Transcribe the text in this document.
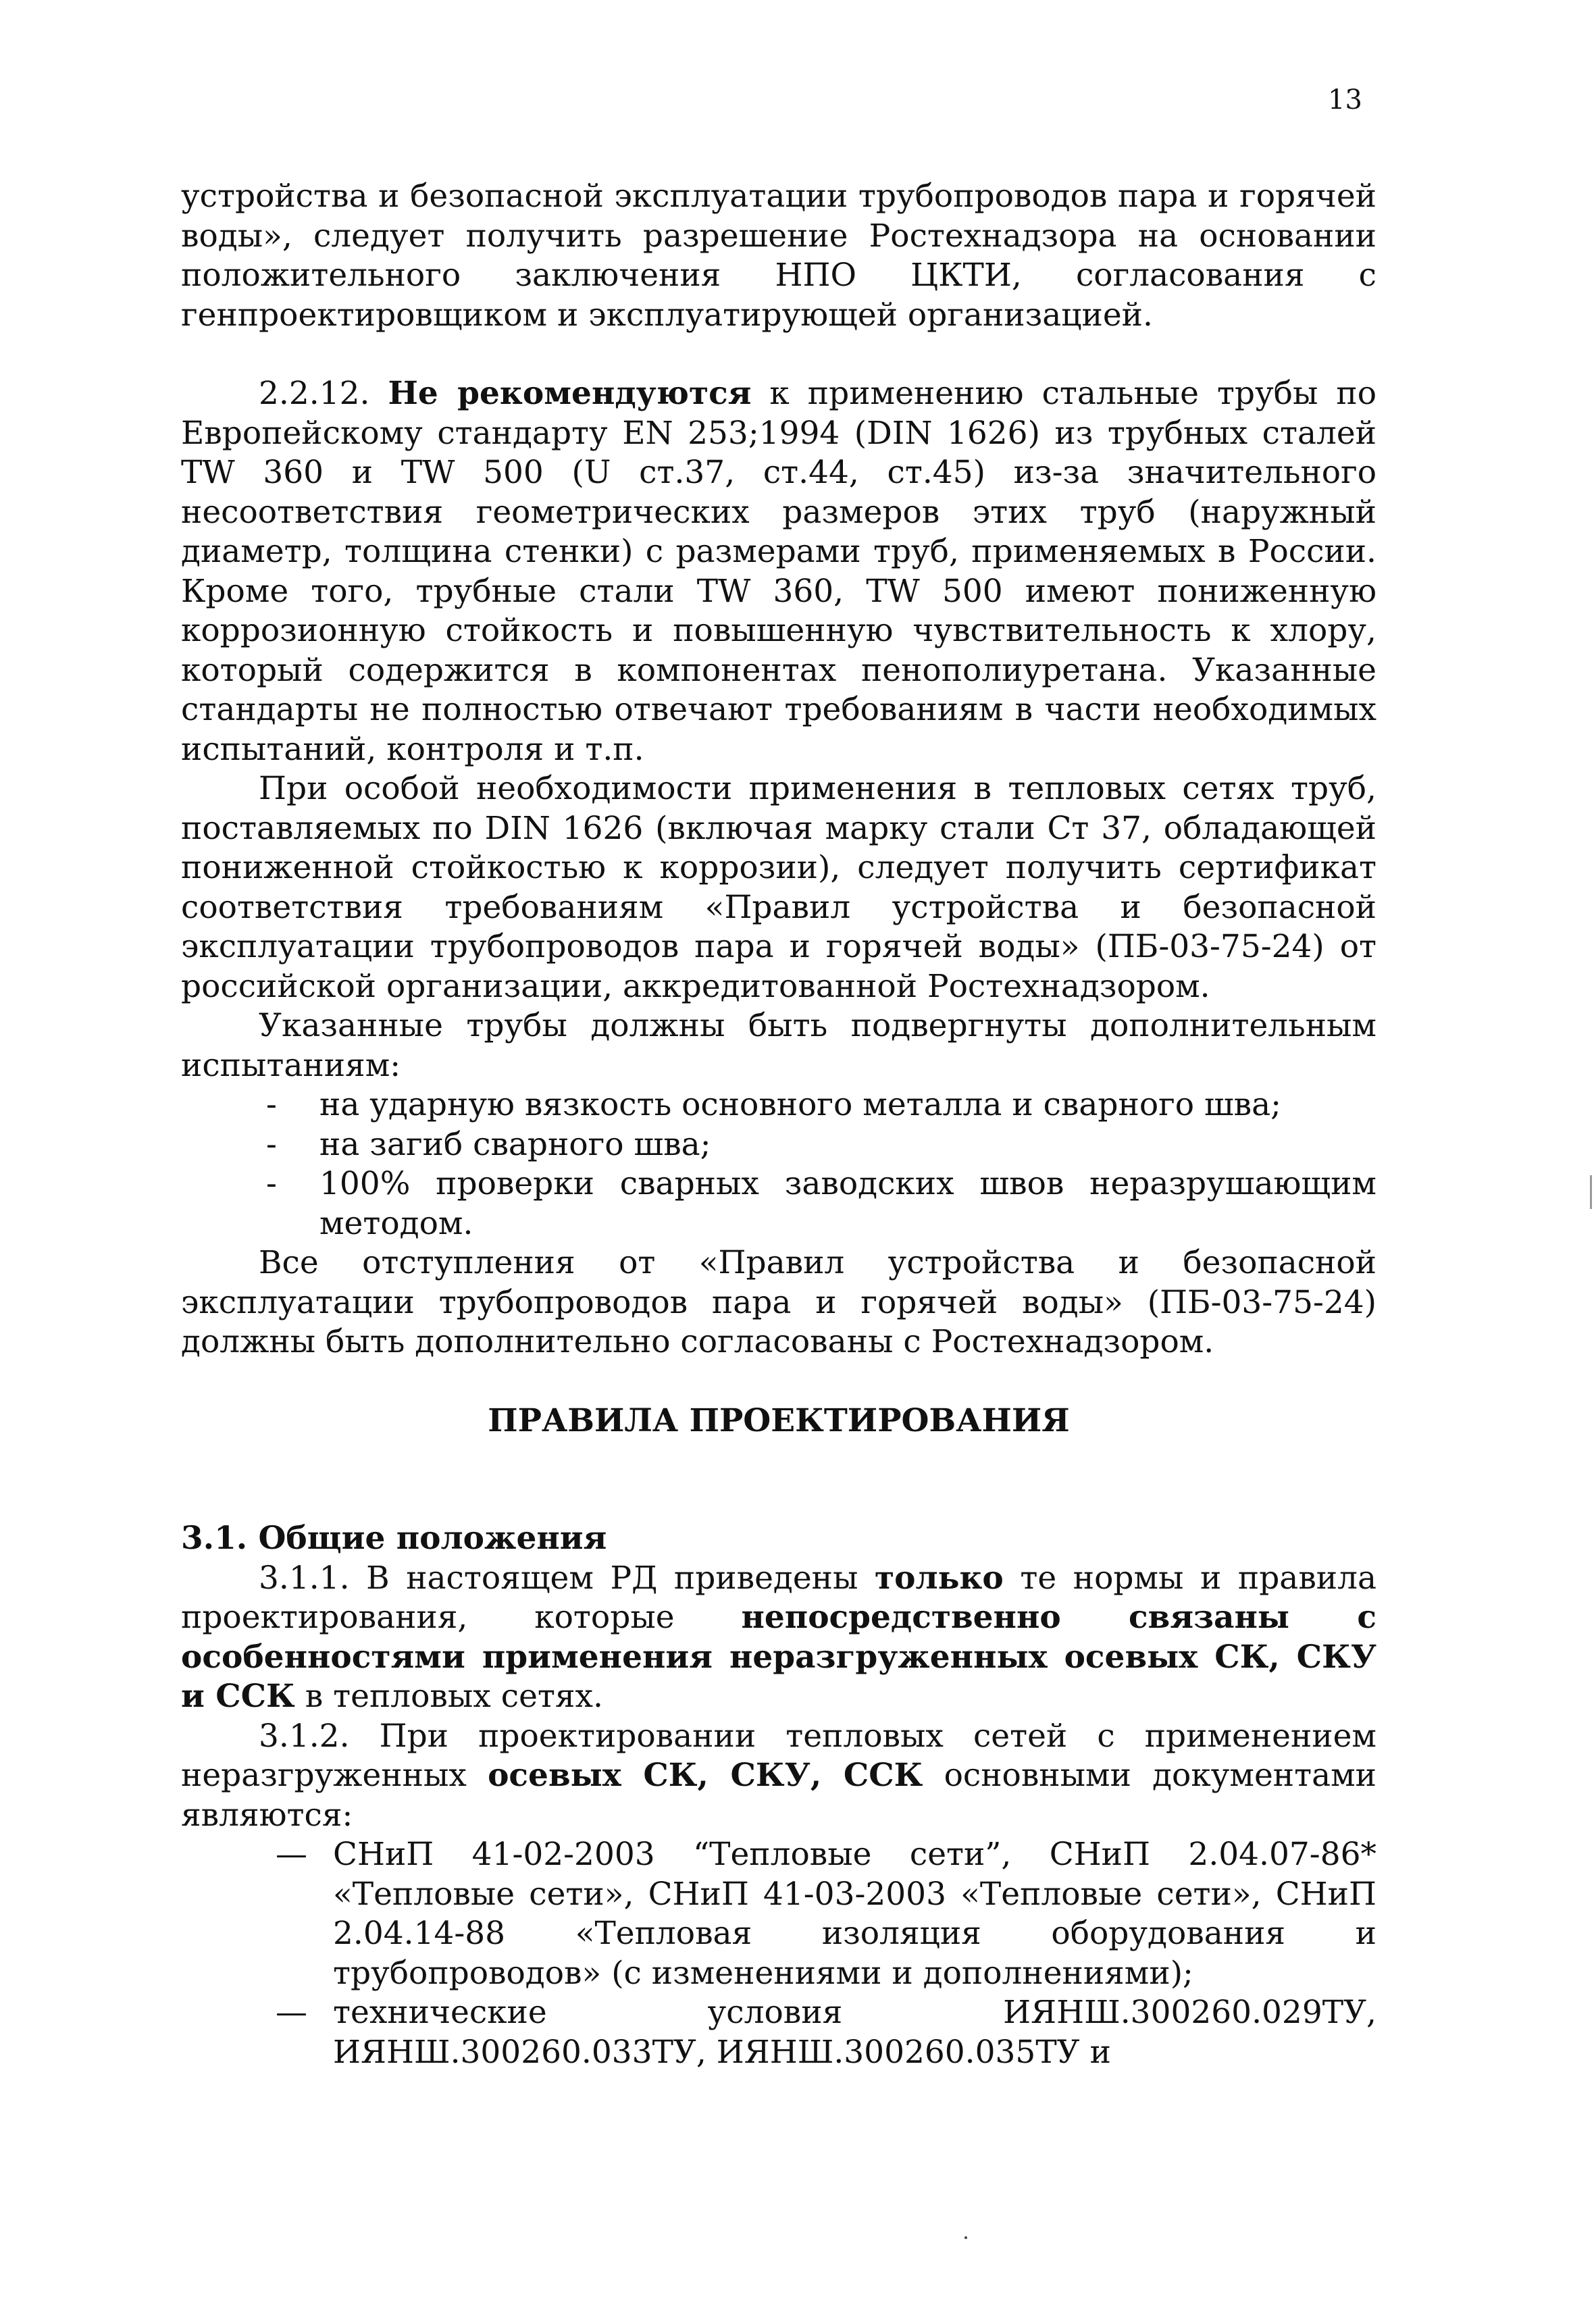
13

устройства и безопасной эксплуатации трубопроводов пара и горячей воды», следует получить разрешение Ростехнадзора на основании положительного заключения НПО ЦКТИ, согласования с генпроектировщиком и эксплуатирующей организацией.

2.2.12. Не рекомендуются к применению стальные трубы по Европейскому стандарту EN 253;1994 (DIN 1626) из трубных сталей TW 360 и TW 500 (U ст.37, ст.44, ст.45) из-за значительного несоответствия геометрических размеров этих труб (наружный диаметр, толщина стенки) с размерами труб, применяемых в России. Кроме того, трубные стали TW 360, TW 500 имеют пониженную коррозионную стойкость и повышенную чувствительность к хлору, который содержится в компонентах пенополиуретана. Указанные стандарты не полностью отвечают требованиям в части необходимых испытаний, контроля и т.п.

При особой необходимости применения в тепловых сетях труб, поставляемых по DIN 1626 (включая марку стали Ст 37, обладающей пониженной стойкостью к коррозии), следует получить сертификат соответствия требованиям «Правил устройства и безопасной эксплуатации трубопроводов пара и горячей воды» (ПБ-03-75-24) от российской организации, аккредитованной Ростехнадзором.

Указанные трубы должны быть подвергнуты дополнительным испытаниям:

- на ударную вязкость основного металла и сварного шва;
- на загиб сварного шва;
- 100% проверки сварных заводских швов неразрушающим методом.

Все отступления от «Правил устройства и безопасной эксплуатации трубопроводов пара и горячей воды» (ПБ-03-75-24) должны быть дополнительно согласованы с Ростехнадзором.

ПРАВИЛА ПРОЕКТИРОВАНИЯ

3.1. Общие положения

3.1.1. В настоящем РД приведены только те нормы и правила проектирования, которые непосредственно связаны с особенностями применения неразгруженных осевых СК, СКУ и ССК в тепловых сетях.

3.1.2. При проектировании тепловых сетей с применением неразгруженных осевых СК, СКУ, ССК основными документами являются:

— СНиП 41-02-2003 “Тепловые сети”, СНиП 2.04.07-86* «Тепловые сети», СНиП 41-03-2003 «Тепловые сети», СНиП 2.04.14-88 «Тепловая изоляция оборудования и трубопроводов» (с изменениями и дополнениями);
— технические условия ИЯНШ.300260.029ТУ, ИЯНШ.300260.033ТУ, ИЯНШ.300260.035ТУ и
